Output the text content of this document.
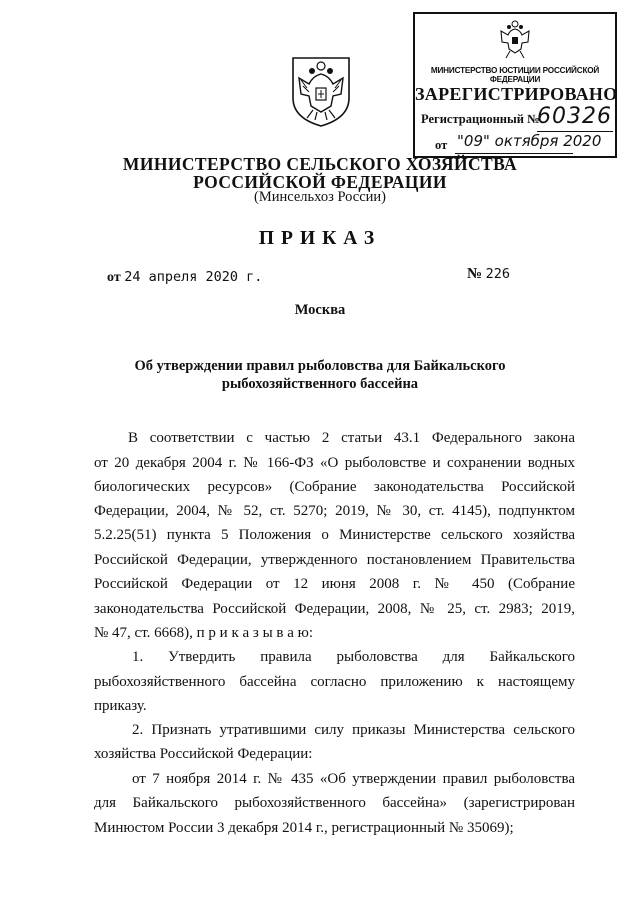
МИНИСТЕРСТВО ЮСТИЦИИ РОССИЙСКОЙ ФЕДЕРАЦИИ
ЗАРЕГИСТРИРОВАНО
Регистрационный №
60326
от "09" октября 2020
МИНИСТЕРСТВО СЕЛЬСКОГО ХОЗЯЙСТВА
РОССИЙСКОЙ ФЕДЕРАЦИИ
(Минсельхоз России)
ПРИКАЗ
от 24 апреля 2020 г.	№ 226
Москва
Об утверждении правил рыболовства для Байкальского
рыбохозяйственного бассейна
В соответствии с частью 2 статьи 43.1 Федерального закона
от 20 декабря 2004 г. № 166-ФЗ «О рыболовстве и сохранении водных
биологических ресурсов» (Собрание законодательства Российской
Федерации, 2004, № 52, ст. 5270; 2019, № 30, ст. 4145), подпунктом
5.2.25(51) пункта 5 Положения о Министерстве сельского хозяйства
Российской Федерации, утвержденного постановлением Правительства
Российской Федерации от 12 июня 2008 г. № 450 (Собрание
законодательства Российской Федерации, 2008, № 25, ст. 2983; 2019,
№ 47, ст. 6668), п р и к а з ы в а ю:
1. Утвердить правила рыболовства для Байкальского
рыбохозяйственного бассейна согласно приложению к настоящему
приказу.
2. Признать утратившими силу приказы Министерства сельского
хозяйства Российской Федерации:
от 7 ноября 2014 г. № 435 «Об утверждении правил рыболовства
для Байкальского рыбохозяйственного бассейна» (зарегистрирован
Минюстом России 3 декабря 2014 г., регистрационный № 35069);
